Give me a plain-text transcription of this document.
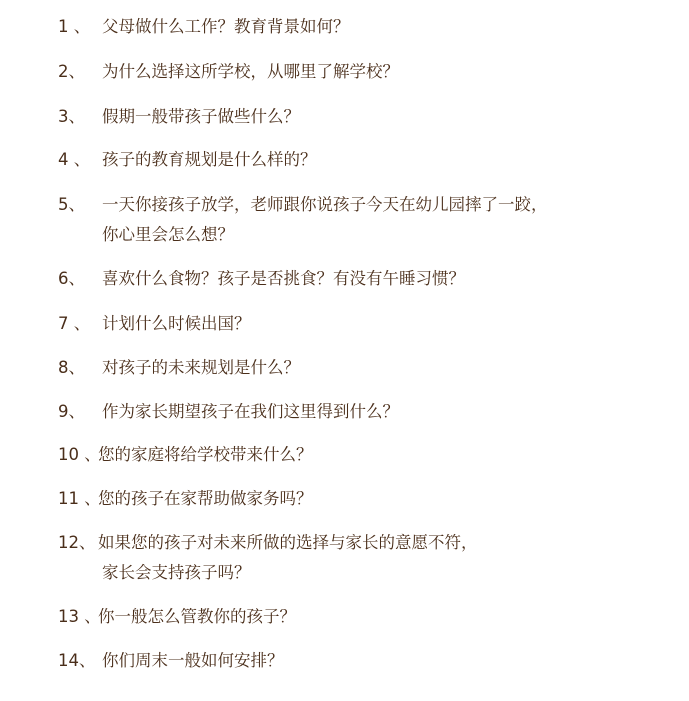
1 、 父母做什么工作？教育背景如何？
2、 为什么选择这所学校，从哪里了解学校？
3、 假期一般带孩子做些什么？
4 、 孩子的教育规划是什么样的？
5、 一天你接孩子放学，老师跟你说孩子今天在幼儿园摔了一跤，
你心里会怎么想？
6、 喜欢什么食物？孩子是否挑食？有没有午睡习惯？
7 、 计划什么时候出国？
8、 对孩子的未来规划是什么？
9、 作为家长期望孩子在我们这里得到什么？
10 、您的家庭将给学校带来什么？
11 、您的孩子在家帮助做家务吗？
12、 如果您的孩子对未来所做的选择与家长的意愿不符，
家长会支持孩子吗？
13 、你一般怎么管教你的孩子？
14、 你们周末一般如何安排？
